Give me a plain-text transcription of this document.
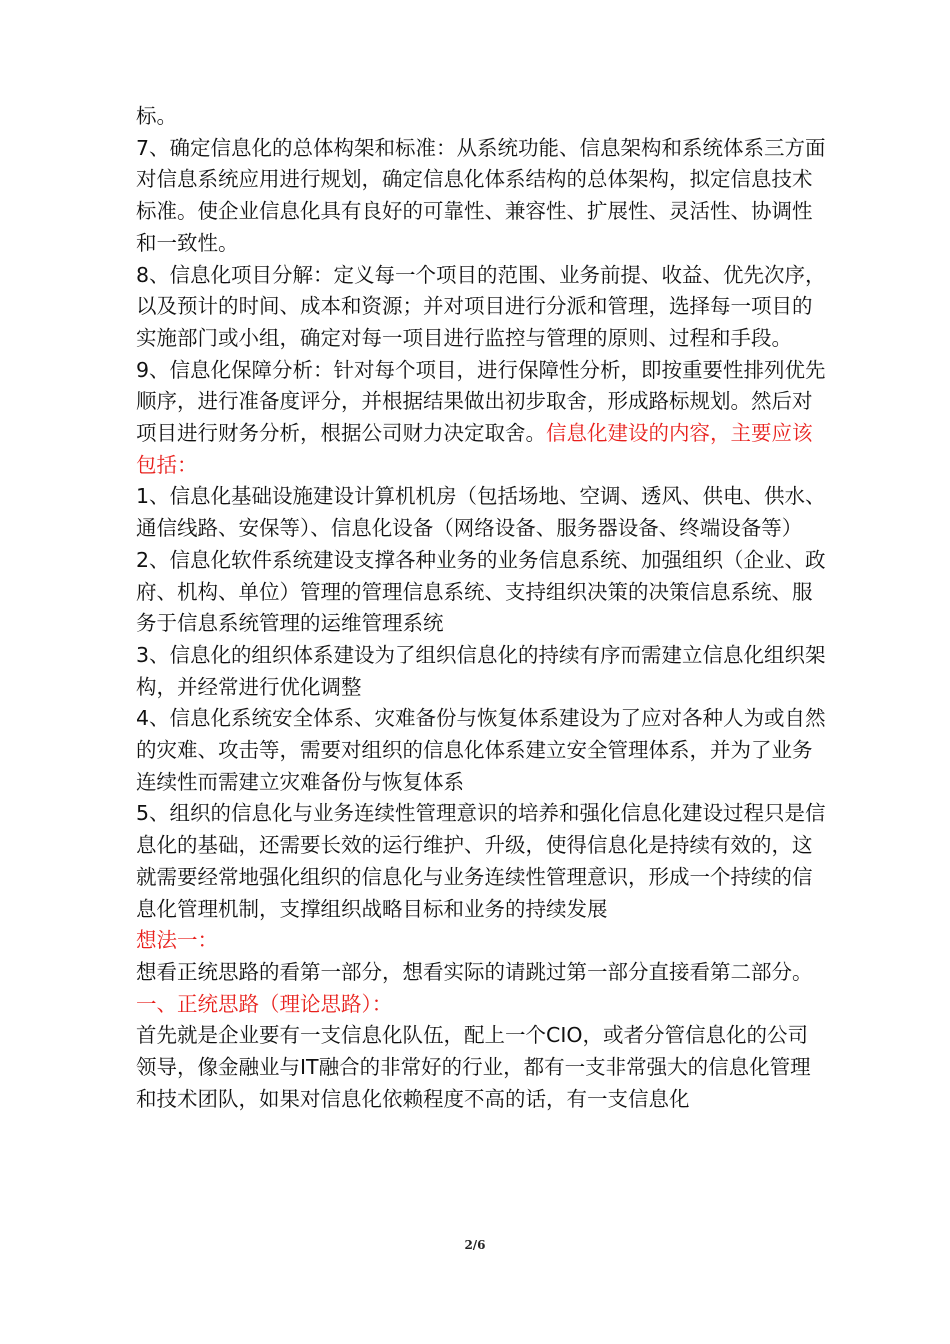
标。

7、确定信息化的总体构架和标准：从系统功能、信息架构和系统体系三方面对信息系统应用进行规划，确定信息化体系结构的总体架构，拟定信息技术标准。使企业信息化具有良好的可靠性、兼容性、扩展性、灵活性、协调性和一致性。

8、信息化项目分解：定义每一个项目的范围、业务前提、收益、优先次序，以及预计的时间、成本和资源；并对项目进行分派和管理，选择每一项目的实施部门或小组，确定对每一项目进行监控与管理的原则、过程和手段。

9、信息化保障分析：针对每个项目，进行保障性分析，即按重要性排列优先顺序，进行准备度评分，并根据结果做出初步取舍，形成路标规划。然后对项目进行财务分析，根据公司财力决定取舍。信息化建设的内容，主要应该包括：

1、信息化基础设施建设计算机机房（包括场地、空调、透风、供电、供水、通信线路、安保等）、信息化设备（网络设备、服务器设备、终端设备等）

2、信息化软件系统建设支撑各种业务的业务信息系统、加强组织（企业、政府、机构、单位）管理的管理信息系统、支持组织决策的决策信息系统、服务于信息系统管理的运维管理系统

3、信息化的组织体系建设为了组织信息化的持续有序而需建立信息化组织架构，并经常进行优化调整

4、信息化系统安全体系、灾难备份与恢复体系建设为了应对各种人为或自然的灾难、攻击等，需要对组织的信息化体系建立安全管理体系，并为了业务连续性而需建立灾难备份与恢复体系

5、组织的信息化与业务连续性管理意识的培养和强化信息化建设过程只是信息化的基础，还需要长效的运行维护、升级，使得信息化是持续有效的，这就需要经常地强化组织的信息化与业务连续性管理意识，形成一个持续的信息化管理机制，支撑组织战略目标和业务的持续发展

想法一：

想看正统思路的看第一部分，想看实际的请跳过第一部分直接看第二部分。

一、正统思路（理论思路）：

首先就是企业要有一支信息化队伍，配上一个CIO，或者分管信息化的公司领导，像金融业与IT融合的非常好的行业，都有一支非常强大的信息化管理和技术团队，如果对信息化依赖程度不高的话，有一支信息化

2/6
